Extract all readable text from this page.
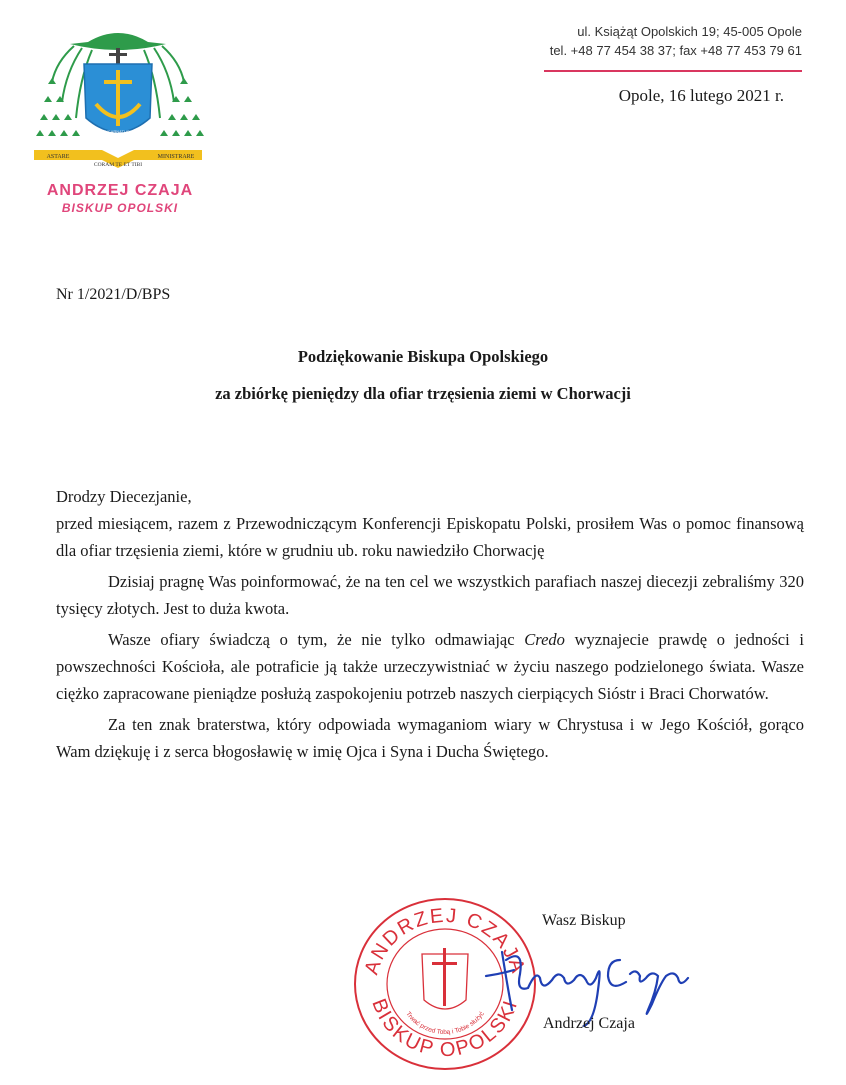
ASTARE	MINISTRARE
CORAM TE ET TIBI
ET INCARNATUS EST
ANDRZEJ CZAJA
BISKUP OPOLSKI
ul. Książąt Opolskich 19; 45-005 Opole
tel. +48 77 454 38 37; fax +48 77 453 79 61
Opole, 16 lutego 2021 r.
Nr 1/2021/D/BPS
Podziękowanie Biskupa Opolskiego
za zbiórkę pieniędzy dla ofiar trzęsienia ziemi w Chorwacji

Drodzy Diecezjanie,

przed miesiącem, razem z Przewodniczącym Konferencji Episkopatu Polski, prosiłem Was o pomoc finansową dla ofiar trzęsienia ziemi, które w grudniu ub. roku nawiedziło Chorwację

Dzisiaj pragnę Was poinformować, że na ten cel we wszystkich parafiach naszej diecezji zebraliśmy 320 tysięcy złotych. Jest to duża kwota.

Wasze ofiary świadczą o tym, że nie tylko odmawiając Credo wyznajecie prawdę o jedności i powszechności Kościoła, ale potraficie ją także urzeczywistniać w życiu naszego podzielonego świata. Wasze ciężko zapracowane pieniądze posłużą zaspokojeniu potrzeb naszych cierpiących Sióstr i Braci Chorwatów.

Za ten znak braterstwa, który odpowiada wymaganiom wiary w Chrystusa i w Jego Kościół, gorąco Wam dziękuję i z serca błogosławię w imię Ojca i Syna i Ducha Świętego.

ANDRZEJ CZAJA
BISKUP OPOLSKI
Trwać przed Tobą i Tobie służyć
Wasz Biskup
Andrzej Czaja
